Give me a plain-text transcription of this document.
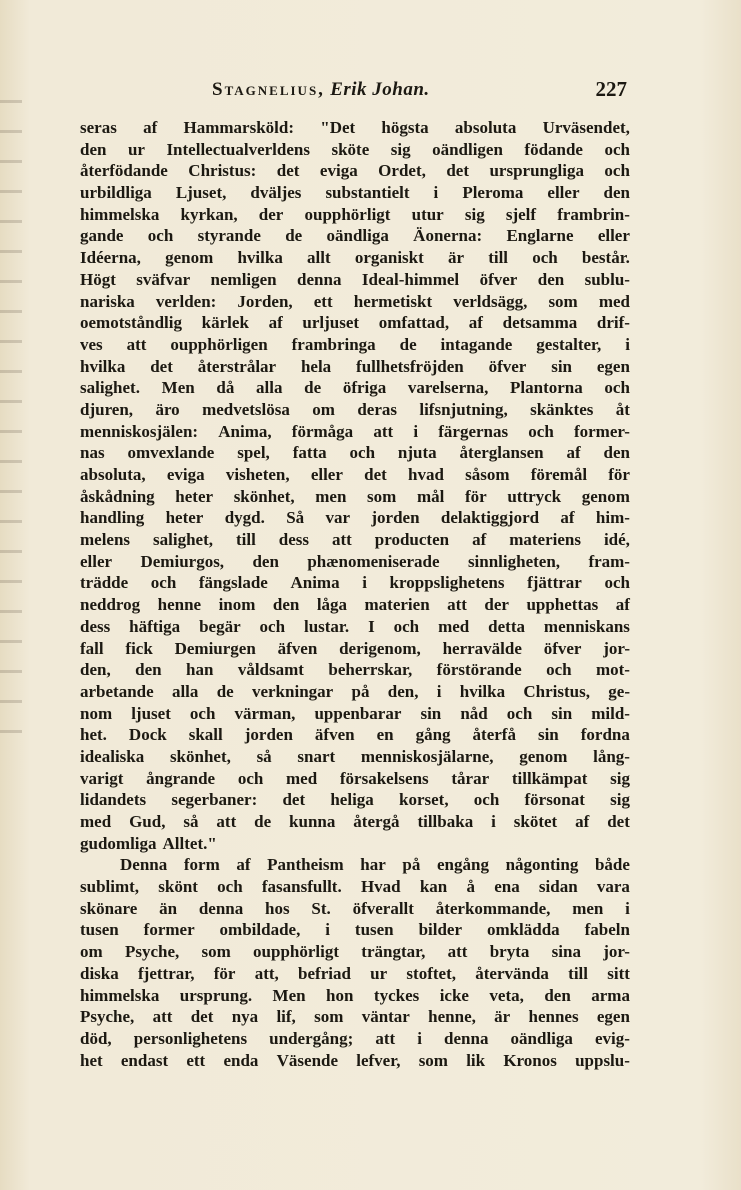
Stagnelius, Erik Johan.	227
seras af Hammarsköld: "Det högsta absoluta Urväsendet,
den ur Intellectualverldens sköte sig oändligen födande och
återfödande Christus: det eviga Ordet, det ursprungliga och
urbildliga Ljuset, dväljes substantielt i Pleroma eller den
himmelska kyrkan, der oupphörligt utur sig sjelf frambrin-
gande och styrande de oändliga Äonerna: Englarne eller
Idéerna, genom hvilka allt organiskt är till och består.
Högt sväfvar nemligen denna Ideal-himmel öfver den sublu-
nariska verlden: Jorden, ett hermetiskt verldsägg, som med
oemotståndlig kärlek af urljuset omfattad, af detsamma drif-
ves att oupphörligen frambringa de intagande gestalter, i
hvilka det återstrålar hela fullhetsfröjden öfver sin egen
salighet. Men då alla de öfriga varelserna, Plantorna och
djuren, äro medvetslösa om deras lifsnjutning, skänktes åt
menniskosjälen: Anima, förmåga att i färgernas och former-
nas omvexlande spel, fatta och njuta återglansen af den
absoluta, eviga visheten, eller det hvad såsom föremål för
åskådning heter skönhet, men som mål för uttryck genom
handling heter dygd. Så var jorden delaktiggjord af him-
melens salighet, till dess att producten af materiens idé,
eller Demiurgos, den phænomeniserade sinnligheten, fram-
trädde och fängslade Anima i kroppslighetens fjättrar och
neddrog henne inom den låga materien att der upphettas af
dess häftiga begär och lustar. I och med detta menniskans
fall fick Demiurgen äfven derigenom, herravälde öfver jor-
den, den han våldsamt beherrskar, förstörande och mot-
arbetande alla de verkningar på den, i hvilka Christus, ge-
nom ljuset och värman, uppenbarar sin nåd och sin mild-
het. Dock skall jorden äfven en gång återfå sin fordna
idealiska skönhet, så snart menniskosjälarne, genom lång-
varigt ångrande och med försakelsens tårar tillkämpat sig
lidandets segerbaner: det heliga korset, och försonat sig
med Gud, så att de kunna återgå tillbaka i skötet af det
gudomliga Alltet."
Denna form af Pantheism har på engång någonting både
sublimt, skönt och fasansfullt. Hvad kan å ena sidan vara
skönare än denna hos St. öfverallt återkommande, men i
tusen former ombildade, i tusen bilder omklädda fabeln
om Psyche, som oupphörligt trängtar, att bryta sina jor-
diska fjettrar, för att, befriad ur stoftet, återvända till sitt
himmelska ursprung. Men hon tyckes icke veta, den arma
Psyche, att det nya lif, som väntar henne, är hennes egen
död, personlighetens undergång; att i denna oändliga evig-
het endast ett enda Väsende lefver, som lik Kronos uppslu-
